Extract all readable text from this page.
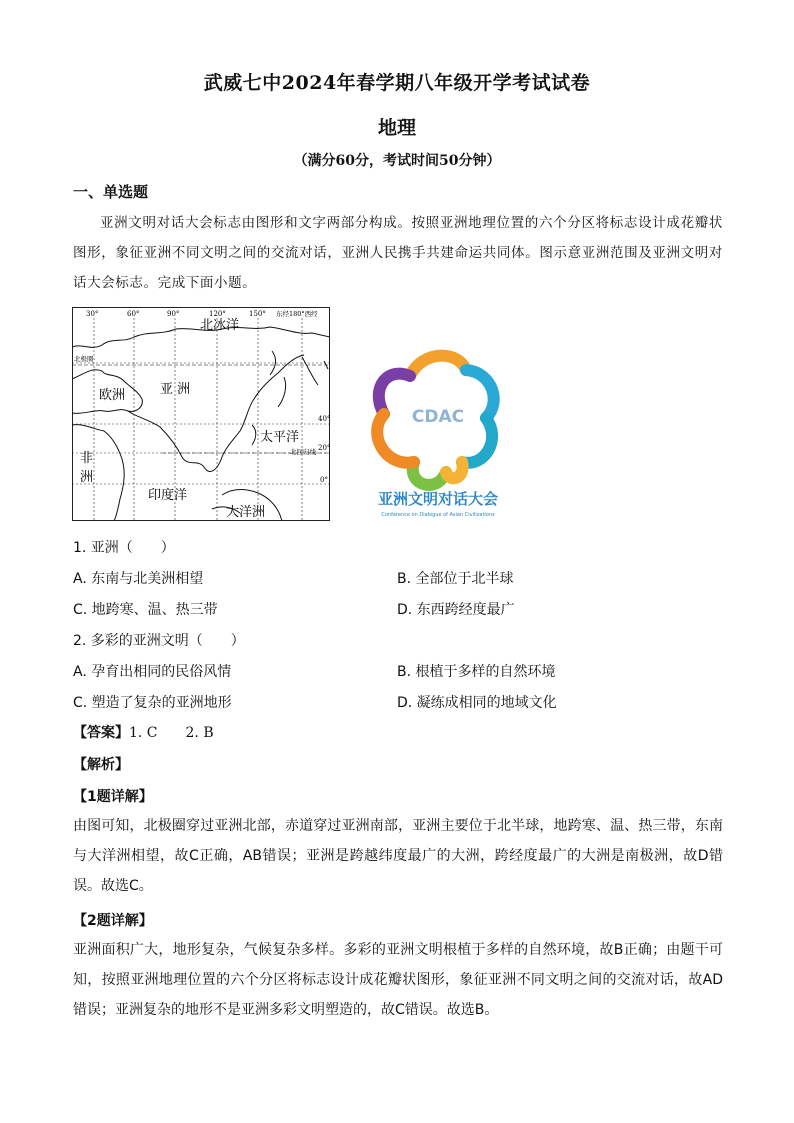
武威七中2024年春学期八年级开学考试试卷
地理
（满分60分，考试时间50分钟）
一、单选题
亚洲文明对话大会标志由图形和文字两部分构成。按照亚洲地理位置的六个分区将标志设计成花瓣状图形，象征亚洲不同文明之间的交流对话，亚洲人民携手共建命运共同体。图示意亚洲范围及亚洲文明对话大会标志。完成下面小题。
30°	60°	90°	120°	150° 东经180°西经
40°
20°
0°
北冰洋
北极圈
欧洲	亚 洲
太平洋
北回归线
非
洲
印度洋
大洋洲
CDAC
亚洲文明对话大会
Conference on Dialogue of Asian Civilizations
1. 亚洲（　　）
A. 东南与北美洲相望	B. 全部位于北半球
C. 地跨寒、温、热三带	D. 东西跨经度最广
2. 多彩的亚洲文明（　　）
A. 孕育出相同的民俗风情	B. 根植于多样的自然环境
C. 塑造了复杂的亚洲地形	D. 凝练成相同的地域文化
【答案】1. C　　2. B
【解析】
【1题详解】
由图可知，北极圈穿过亚洲北部，赤道穿过亚洲南部，亚洲主要位于北半球，地跨寒、温、热三带，东南与大洋洲相望，故C正确，AB错误；亚洲是跨越纬度最广的大洲，跨经度最广的大洲是南极洲，故D错误。故选C。
【2题详解】
亚洲面积广大，地形复杂，气候复杂多样。多彩的亚洲文明根植于多样的自然环境，故B正确；由题干可知，按照亚洲地理位置的六个分区将标志设计成花瓣状图形，象征亚洲不同文明之间的交流对话，故AD错误；亚洲复杂的地形不是亚洲多彩文明塑造的，故C错误。故选B。
